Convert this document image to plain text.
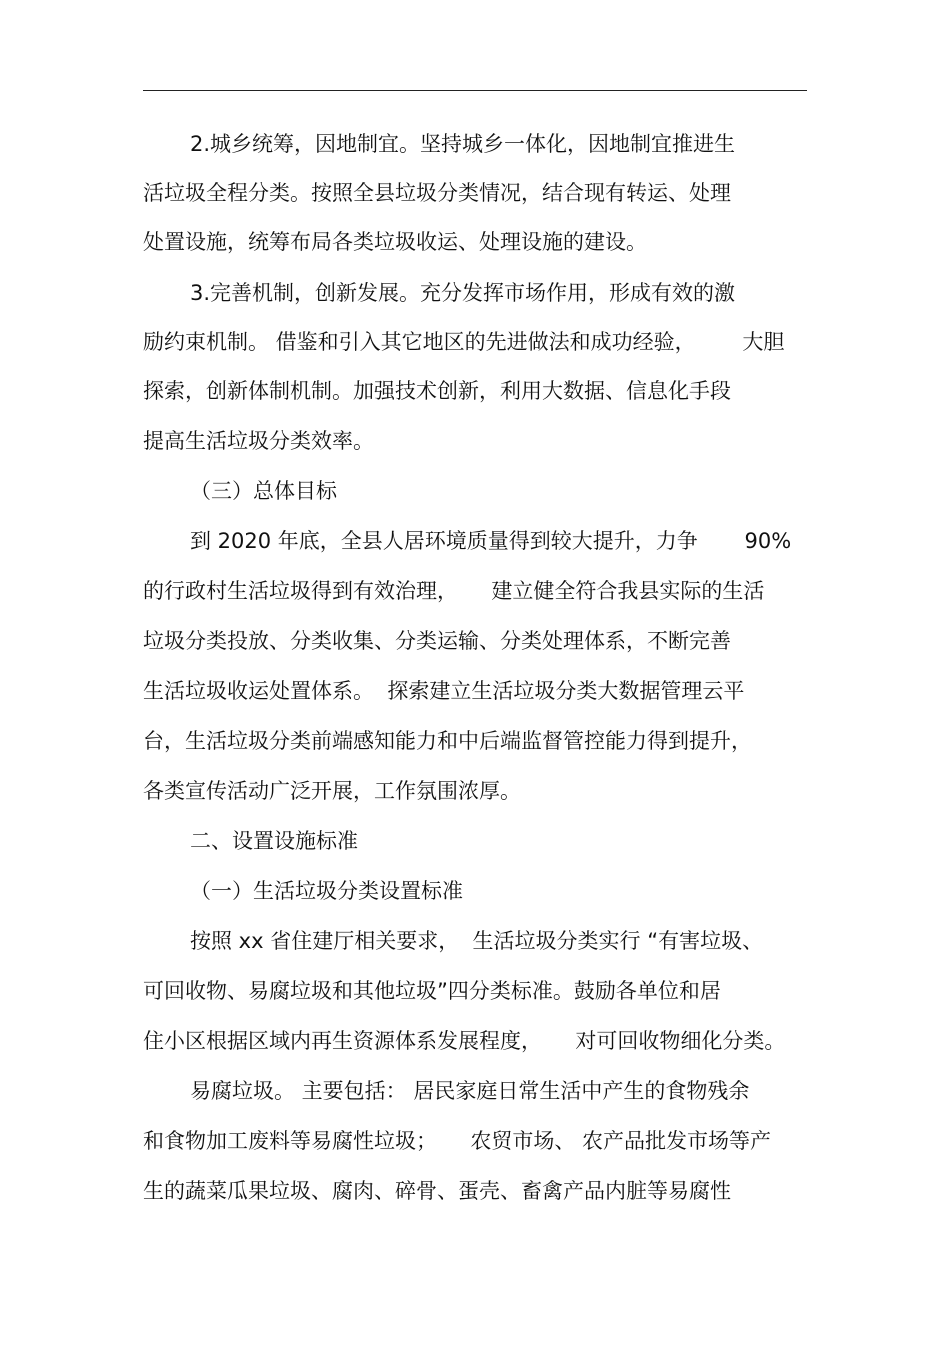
2.城乡统筹，因地制宜。坚持城乡一体化，因地制宜推进生
活垃圾全程分类。按照全县垃圾分类情况，结合现有转运、处理
处置设施，统筹布局各类垃圾收运、处理设施的建设。
3.完善机制，创新发展。充分发挥市场作用，形成有效的激
励约束机制。 借鉴和引入其它地区的先进做法和成功经验，       大胆
探索，创新体制机制。加强技术创新，利用大数据、信息化手段
提高生活垃圾分类效率。
（三）总体目标
到 2020 年底，全县人居环境质量得到较大提升，力争       90%
的行政村生活垃圾得到有效治理，     建立健全符合我县实际的生活
垃圾分类投放、分类收集、分类运输、分类处理体系，不断完善
生活垃圾收运处置体系。  探索建立生活垃圾分类大数据管理云平
台，生活垃圾分类前端感知能力和中后端监督管控能力得到提升，
各类宣传活动广泛开展，工作氛围浓厚。
二、设置设施标准
（一）生活垃圾分类设置标准
按照 xx 省住建厅相关要求，  生活垃圾分类实行 “有害垃圾、
可回收物、易腐垃圾和其他垃圾”四分类标准。鼓励各单位和居
住小区根据区域内再生资源体系发展程度，     对可回收物细化分类。
易腐垃圾。 主要包括： 居民家庭日常生活中产生的食物残余
和食物加工废料等易腐性垃圾；     农贸市场、 农产品批发市场等产
生的蔬菜瓜果垃圾、腐肉、碎骨、蛋壳、畜禽产品内脏等易腐性
